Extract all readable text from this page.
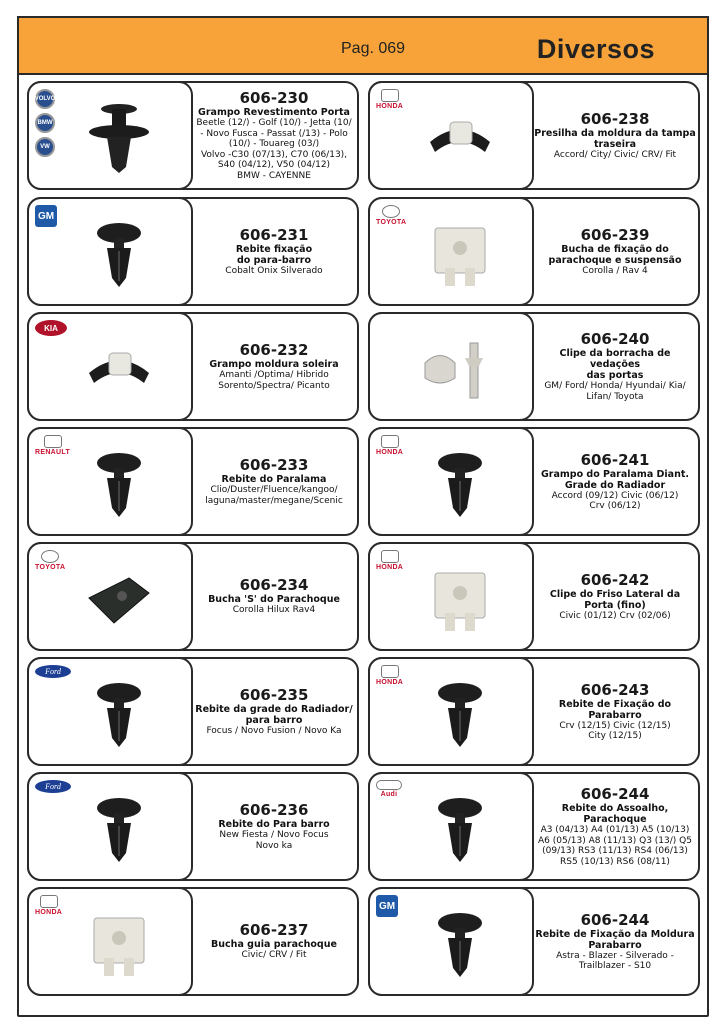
Pag. 069	Diversos
VOLVO
BMW
VW
606-230
Grampo Revestimento Porta
Beetle (12/) - Golf (10/) - Jetta (10/
- Novo Fusca - Passat (/13) - Polo
(10/) - Touareg (03/)
Volvo -C30 (07/13), C70 (06/13),
S40 (04/12), V50 (04/12)
BMW - CAYENNE
HONDA
606-238
Presilha da moldura da tampa
traseira
Accord/ City/ Civic/ CRV/ Fit
GM
606-231
Rebite fixação
do para-barro
Cobalt Onix Silverado
TOYOTA
606-239
Bucha de fixação do
parachoque e suspensão
Corolla / Rav 4
KIA
606-232
Grampo moldura soleira
Amanti /Optima/ Hibrido
Sorento/Spectra/ Picanto
606-240
Clipe da borracha de vedações
das portas
GM/ Ford/ Honda/ Hyundai/ Kia/
Lifan/ Toyota
RENAULT
606-233
Rebite do Paralama
Clio/Duster/Fluence/kangoo/
laguna/master/megane/Scenic
HONDA	606-241
Grampo do Paralama Diant.
Grade do Radiador
Accord (09/12) Civic (06/12)
Crv (06/12)
TOYOTA
606-234
Bucha 'S' do Parachoque
Corolla Hilux Rav4
HONDA
606-242
Clipe do Friso Lateral da
Porta (fino)
Civic (01/12) Crv (02/06)
Ford
606-235
Rebite da grade do Radiador/
para barro
Focus / Novo Fusion / Novo Ka
HONDA	606-243
Rebite de Fixação do Parabarro
Crv (12/15) Civic (12/15)
City (12/15)
Ford
606-236
Rebite do Para barro
New Fiesta / Novo Focus
Novo ka
Audi	606-244
Rebite do Assoalho, Parachoque
A3 (04/13) A4 (01/13) A5 (10/13)
A6 (05/13) A8 (11/13) Q3 (13/) Q5
(09/13) RS3 (11/13) RS4 (06/13)
RS5 (10/13) RS6 (08/11)
HONDA
606-237
Bucha guia parachoque
Civic/ CRV / Fit
GM
606-244
Rebite de Fixação da Moldura
Parabarro
Astra - Blazer - Silverado -
Trailblazer - S10
